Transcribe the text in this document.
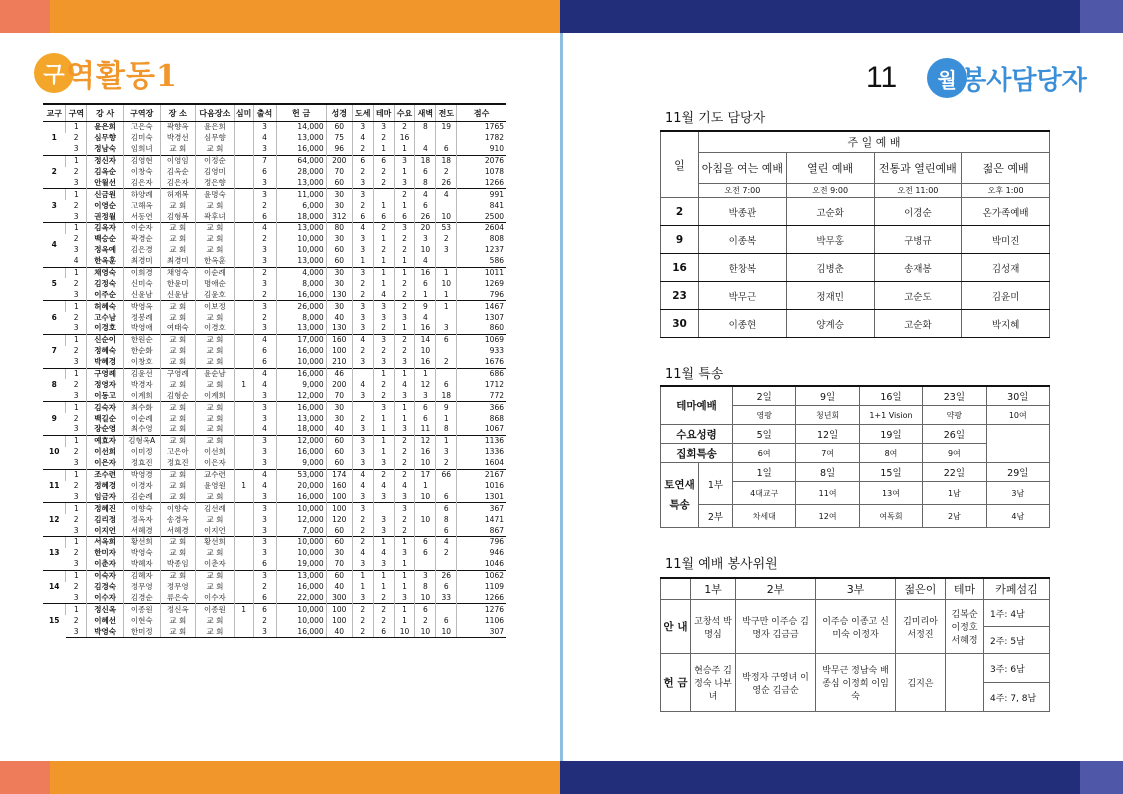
구 역활동1
교구	구역	강 사	구역장	장 소	다음장소	심미	출석	헌 금	성경	도세	테마	수요	새벽	전도	점수
1	1	윤은희	고은숙	곽향옥	윤은희		3	14,000	60	3	3	2	8	19	1765
	2	심무향	김미숙	박경선	심무향		4	13,000	75	4	2	16			1782
	3	정남숙	임희녀	교 회	교 회		3	16,000	96	2	1	1	4	6	910
2	1	정신자	김영현	이영임	이정순		7	64,000	200	6	6	3	18	18	2076
	2	김옥순	이창숙	김옥순	김영미		6	28,000	70	2	2	1	6	2	1078
	3	안월선	김은자	김은자	정은향		3	13,000	60	3	2	3	8	26	1266
3	1	신금원	하양례	허재복	윤명숙		3	11,000	30	3		2	4	4	991
	2	이영순	고해옥	교 회	교 회		2	6,000	30	2	1	1	6		841
	3	권정월	서동연	김형복	곽후녀		6	18,000	312	6	6	6	26	10	2500
4	1	김옥자	이순자	교 회	교 회		4	13,000	80	4	2	3	20	53	2604
	2	백승순	곽경순	교 회	교 회		2	10,000	30	3	1	2	3	2	808
	3	정옥예	김은경	교 회	교 회		3	10,000	60	3	2	2	10	3	1237
	4	한옥훈	최경미	최경미	한옥훈		3	13,000	60	1	1	1	4		586
5	1	채영숙	이희경	채영숙	이순례		2	4,000	30	3	1	1	16	1	1011
	2	김정숙	신미숙	한윤미	명애순		3	8,000	30	2	1	2	6	10	1269
	3	이주순	신윤남	신윤남	김윤호		2	16,000	130	2	4	2	1	1	796
6	1	허혜숙	박영옥	교 회	이보정		3	26,000	30	3	3	2	9	1	1467
	2	고수남	정봉례	교 회	교 회		2	8,000	40	3	3	3	4		1307
	3	이경호	박영애	여태숙	이경호		3	13,000	130	3	2	1	16	3	860
7	1	신순이	한원순	교 회	교 회		4	17,000	160	4	3	2	14	6	1069
	2	정혜숙	한순화	교 회	교 회		6	16,000	100	2	2	2	10		933
	3	박혜경	이창호	교 회	교 회		6	10,000	210	3	3	3	16	2	1676
8	1	구영례	김윤선	구영례	윤순남		4	16,000	46		1	1	1		686
	2	정영자	박경자	교 회	교 회	1	4	9,000	200	4	2	4	12	6	1712
	3	이동고	이계희	김형순	이계희		3	12,000	70	3	2	3	3	18	772
9	1	김숙자	최수화	교 회	교 회		3	16,000	30		3	1	6	9	366
	2	백길순	이순례	교 회	교 회		3	13,000	30	2	1	1	6	1	868
	3	장순영	최수영	교 회	교 회		4	18,000	40	3	1	3	11	8	1067
10	1	예효자	김형옥A	교 회	교 회		3	12,000	60	3	1	2	12	1	1136
	2	이선희	이미정	고은아	이선희		3	16,000	60	3	1	2	16	3	1336
	3	이은자	정효진	정효진	이은자		3	9,000	60	3	3	2	10	2	1604
11	1	조수련	박영경	교 회	교수련		4	53,000	174	4	2	2	17	66	2167
	2	정혜경	이경자	교 회	윤영원	1	4	20,000	160	4	4	4	1		1016
	3	임금자	김순례	교 회	교 회		3	16,000	100	3	3	3	10	6	1301
12	1	정혜진	이향숙	이향숙	김선례		3	10,000	100	3		3		6	367
	2	김리정	정옥자	송경옥	교 회		3	12,000	120	2	3	2	10	8	1471
	3	이지언	서혜경	서혜경	이지언		3	7,000	60	2	3	2		6	867
13	1	서옥희	황선희	교 회	황선희		3	10,000	60	2	1	1	6	4	796
	2	한미자	박영숙	교 회	교 회		3	10,000	30	4	4	3	6	2	946
	3	이춘자	박혜자	박종임	이춘자		6	19,000	70	3	3	1			1046
14	1	이숙자	김혜자	교 회	교 회		3	13,000	60	1	1	1	3	26	1062
	2	김경숙	정무영	정무영	교 회		2	16,000	40	1	1	1	8	6	1109
	3	이수자	김경순	류은숙	이수자		6	22,000	300	3	2	3	10	33	1266
15	1	정신옥	이종원	정신옥	이종원	1	6	10,000	100	2	2	1	6		1276
	2	이혜선	이현숙	교 회	교 회		2	10,000	100	2	2	1	2	6	1106
	3	박영숙	한미정	교 회	교 회		3	16,000	40	2	6	10	10	10	307
11	월 봉사담당자
11월 기도 담당자
일	주 일 예 배			
	아침을 여는 예배	열린 예배	전통과 열린예배	젊은 예배
	오전 7:00	오전 9:00	오전 11:00	오후 1:00
2	박종관	고순화	이경순	온가족예배
9	이종복	박무홍	구병규	박미진
16	한창복	김병춘	송재봉	김성재
23	박무근	정재민	고순도	김윤미
30	이종현	양계승	고순화	박지혜
11월 특송
테마예배		2일	9일	16일	23일	30일
		영팡	청년회	1+1 Vision	약팡	10여
수요성령		5일	12일	19일	26일	
집회특송		6여	7여	8여	9여	
토연새
특송	1부	1일	8일	15일	22일	29일
		4대교구	11여	13여	1남	3남
	2부	차세대	12여	여독회	2남	4남
11월 예배 봉사위원
	1부	2부	3부	젊은이	테마	카페섬김
안 내	고창석 박명심	박구만 이주승 김명자 김금금	이주승 이종고 신미숙 이정자	김미리아 서정진	김복순 이정호 서혜정	1주: 4남
						2주: 5남
헌 금	현승주 김정숙 나부녀	박정자 구영녀 이영순 김금순	박무근 정남숙 배종심 이정희 이임숙	김지은		3주: 6남
						4주: 7, 8남
